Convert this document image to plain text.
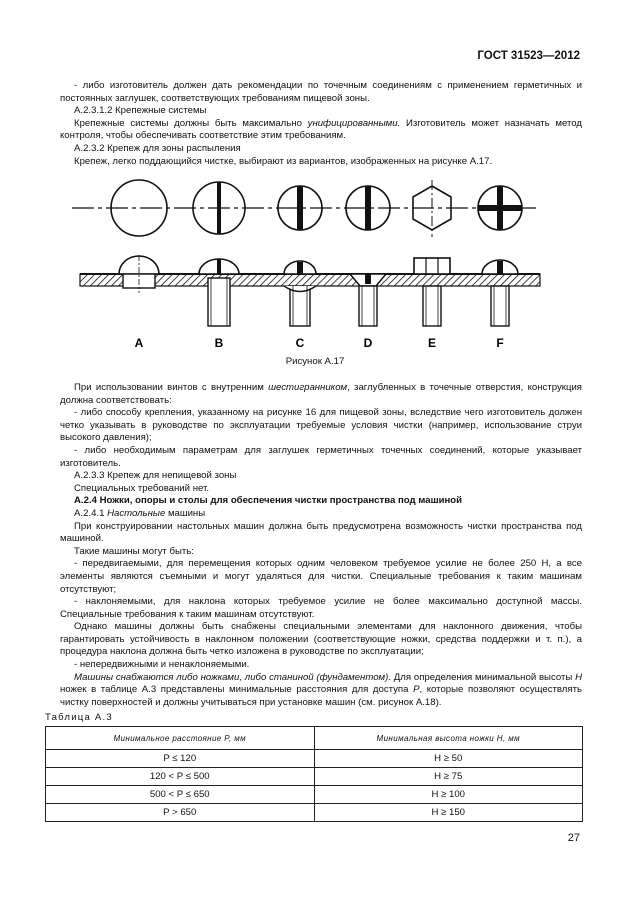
ГОСТ 31523—2012

- либо изготовитель должен дать рекомендации по точечным соединениям с применением герметичных и постоянных заглушек, соответствующих требованиям пищевой зоны.

А.2.3.1.2 Крепежные системы

Крепежные системы должны быть максимально унифицированными. Изготовитель может назначать метод контроля, чтобы обеспечивать соответствие этим требованиям.

А.2.3.2 Крепеж для зоны распыления

Крепеж, легко поддающийся чистке, выбирают из вариантов, изображенных на рисунке А.17.

A	B	C	D	E	F
Рисунок А.17

При использовании винтов с внутренним шестигранником, заглубленных в точечные отверстия, конструкция должна соответствовать:

- либо способу крепления, указанному на рисунке 16 для пищевой зоны, вследствие чего изготовитель должен четко указывать в руководстве по эксплуатации требуемые условия чистки (например, использование струи высокого давления);

- либо необходимым параметрам для заглушек герметичных точечных соединений, которые указывает изготовитель.

А.2.3.3 Крепеж для непищевой зоны

Специальных требований нет.

А.2.4 Ножки, опоры и столы для обеспечения чистки пространства под машиной

А.2.4.1 Настольные машины

При конструировании настольных машин должна быть предусмотрена возможность чистки пространства под машиной.

Такие машины могут быть:

- передвигаемыми, для перемещения которых одним человеком требуемое усилие не более 250 Н, а все элементы являются съемными и могут удаляться для чистки. Специальные требования к таким машинам отсутствуют;

- наклоняемыми, для наклона которых требуемое усилие не более максимально доступной массы. Специальные требования к таким машинам отсутствуют.

Однако машины должны быть снабжены специальными элементами для наклонного движения, чтобы гарантировать устойчивость в наклонном положении (соответствующие ножки, средства поддержки и т. п.), а процедура наклона должна быть четко изложена в руководстве по эксплуатации;

- непередвижными и ненаклоняемыми.

Машины снабжаются либо ножками, либо станиной (фундаментом). Для определения минимальной высоты H ножек в таблице А.3 представлены минимальные расстояния для доступа P, которые позволяют осуществлять чистку поверхностей и должны учитываться при установке машин (см. рисунок А.18).

Таблица А.3
Минимальное расстояние P, мм	Минимальная высота ножки H, мм
P ≤ 120	H ≥ 50
120 < P ≤ 500	H ≥ 75
500 < P ≤ 650	H ≥ 100
P > 650	H ≥ 150
27
